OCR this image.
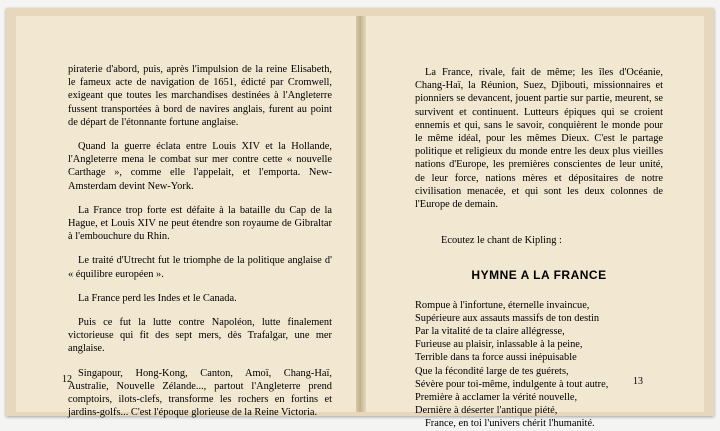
piraterie d'abord, puis, après l'impulsion de la reine Elisabeth, le fameux acte de navigation de 1651, édicté par Cromwell, exigeant que toutes les marchandises destinées à l'Angleterre fussent transportées à bord de navires anglais, furent au point de départ de l'étonnante fortune anglaise.

Quand la guerre éclata entre Louis XIV et la Hollande, l'Angleterre mena le combat sur mer contre cette « nouvelle Carthage », comme elle l'appelait, et l'emporta. New-Amsterdam devint New-York.

La France trop forte est défaite à la bataille du Cap de la Hague, et Louis XIV ne peut étendre son royaume de Gibraltar à l'embouchure du Rhin.

Le traité d'Utrecht fut le triomphe de la politique anglaise d' « équilibre européen ».

La France perd les Indes et le Canada.

Puis ce fut la lutte contre Napoléon, lutte finalement victorieuse qui fit des sept mers, dès Trafalgar, une mer anglaise.

Singapour, Hong-Kong, Canton, Amoï, Chang-Haï, Australie, Nouvelle Zélande..., partout l'Angleterre prend comptoirs, ilots-clefs, transforme les rochers en fortins et jardins-golfs... C'est l'époque glorieuse de la Reine Victoria.

12

La France, rivale, fait de même; les îles d'Océanie, Chang-Haï, la Réunion, Suez, Djibouti, missionnaires et pionniers se devancent, jouent partie sur partie, meurent, se survivent et continuent. Lutteurs épiques qui se croient ennemis et qui, sans le savoir, conquièrent le monde pour le même idéal, pour les mêmes Dieux. C'est le partage politique et religieux du monde entre les deux plus vieilles nations d'Europe, les premières conscientes de leur unité, de leur force, nations mères et dépositaires de notre civilisation menacée, et qui sont les deux colonnes de l'Europe de demain.

Ecoutez le chant de Kipling :
HYMNE A LA FRANCE
Rompue à l'infortune, éternelle invaincue,
Supérieure aux assauts massifs de ton destin
Par la vitalité de ta claire allégresse,
Furieuse au plaisir, inlassable à la peine,
Terrible dans ta force aussi inépuisable
Que la fécondité large de tes guérets,
Sévère pour toi-même, indulgente à tout autre,
Première à acclamer la vérité nouvelle,
Dernière à déserter l'antique piété,
France, en toi l'univers chérit l'humanité.
13
